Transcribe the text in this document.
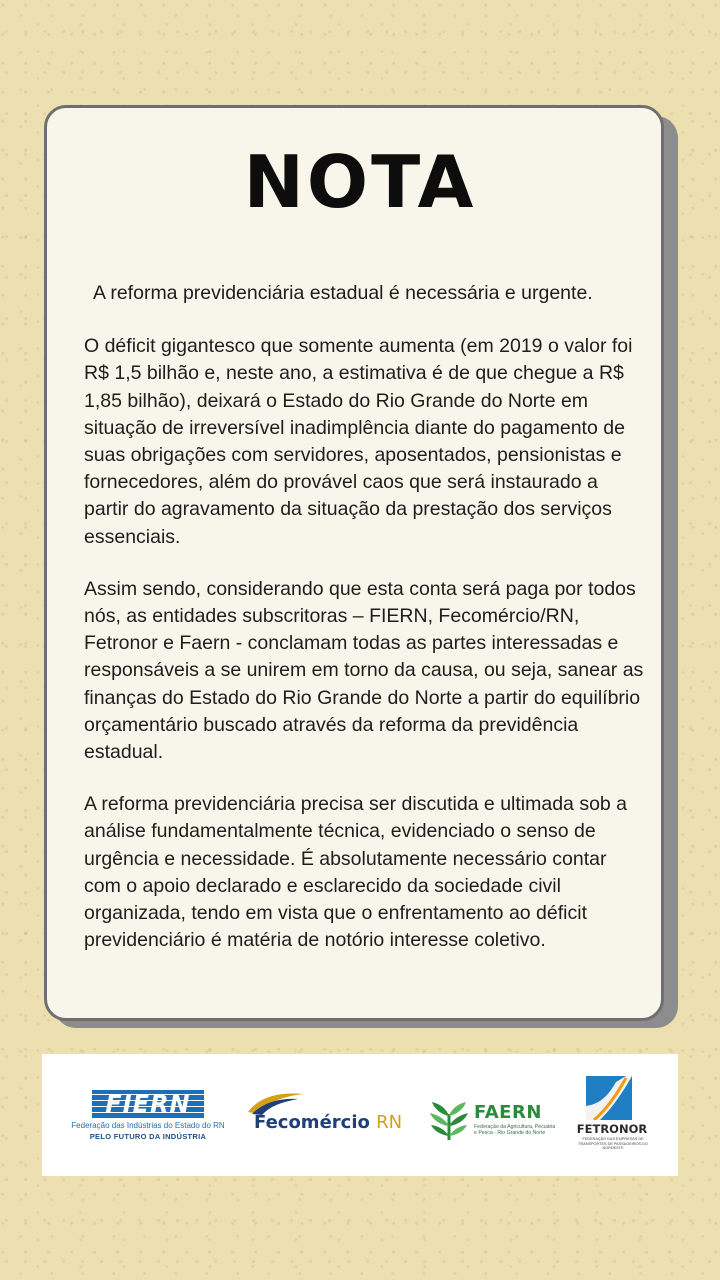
NOTA

A reforma previdenciária estadual é necessária e urgente.

O déficit gigantesco que somente aumenta (em 2019 o valor foi R$ 1,5 bilhão e, neste ano, a estimativa é de que chegue a R$ 1,85 bilhão), deixará o Estado do Rio Grande do Norte em situação de irreversível inadimplência diante do pagamento de suas obrigações com servidores, aposentados, pensionistas e fornecedores, além do provável caos que será instaurado a partir do agravamento da situação da prestação dos serviços essenciais.

Assim sendo, considerando que esta conta será paga por todos nós, as entidades subscritoras – FIERN, Fecomércio/RN, Fetronor e Faern - conclamam todas as partes interessadas e responsáveis a se unirem em torno da causa, ou seja, sanear as finanças do Estado do Rio Grande do Norte a partir do equilíbrio orçamentário buscado através da reforma da previdência estadual.

A reforma previdenciária precisa ser discutida e ultimada sob a análise fundamentalmente técnica, evidenciado o senso de urgência e necessidade. É absolutamente necessário contar com o apoio declarado e esclarecido da sociedade civil organizada, tendo em vista que o enfrentamento ao déficit previdenciário é matéria de notório interesse coletivo.

FIERN
Federação das Indústrias do Estado do RN
PELO FUTURO DA INDÚSTRIA
Fecomércio RN	FAERN
Federação da Agricultura, Pecuária e Pesca - Rio Grande do Norte	FETRONOR
FEDERAÇÃO DAS EMPRESAS DE TRANSPORTES DE PASSAGEIROS DO NORDESTE
